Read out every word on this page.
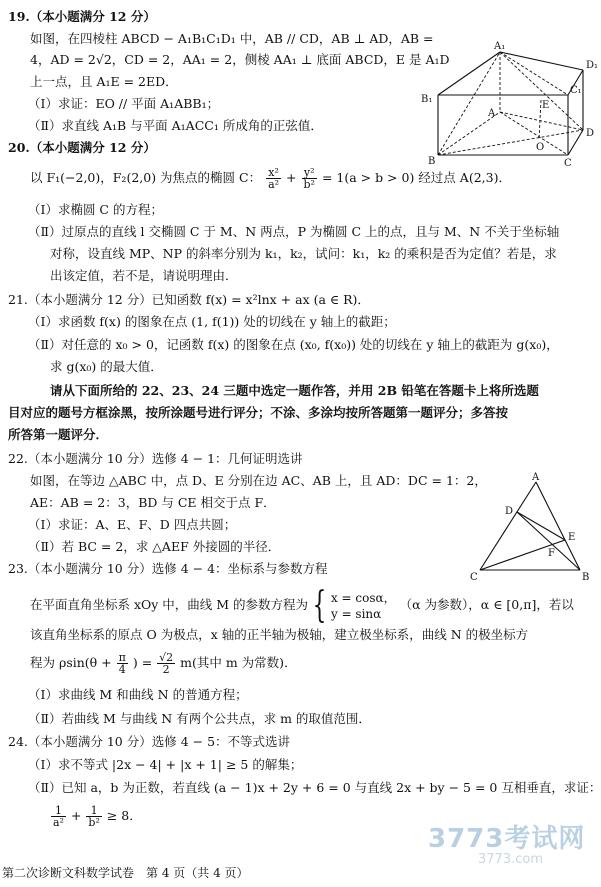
19.（本小题满分 12 分）
如图，在四棱柱 ABCD − A₁B₁C₁D₁ 中，AB // CD，AB ⊥ AD，AB =
4，AD = 2√2，CD = 2，AA₁ = 2，侧棱 AA₁ ⊥ 底面 ABCD，E 是 A₁D
上一点，且 A₁E = 2ED．
（Ⅰ）求证：EO // 平面 A₁ABB₁；
（Ⅱ）求直线 A₁B 与平面 A₁ACC₁ 所成角的正弦值．
A₁
B₁
C₁
D₁
A
B	C
D
E
O
20.（本小题满分 12 分）
以 F₁(−2,0)，F₂(2,0) 为焦点的椭圆 C： $\frac{\text{x²}}{\text{a²}} + \frac{\text{y²}}{\text{b²}} = 1(a > b > 0)$ 经过点 A(2,3)．
（Ⅰ）求椭圆 C 的方程；
（Ⅱ）过原点的直线 l 交椭圆 C 于 M、N 两点，P 为椭圆 C 上的点，且与 M、N 不关于坐标轴
对称，设直线 MP、NP 的斜率分别为 k₁，k₂，试问：k₁，k₂ 的乘积是否为定值？若是，求
出该定值，若不是，请说明理由．
21.（本小题满分 12 分）已知函数 f(x) = x²lnx + ax (a ∈ R)．
（Ⅰ）求函数 f(x) 的图象在点 (1, f(1)) 处的切线在 y 轴上的截距；
（Ⅱ）对任意的 x₀ > 0，记函数 f(x) 的图象在点 (x₀, f(x₀)) 处的切线在 y 轴上的截距为 g(x₀)，
求 g(x₀) 的最大值．
请从下面所给的 22、23、24 三题中选定一题作答，并用 2B 铅笔在答题卡上将所选题
目对应的题号方框涂黑，按所涂题号进行评分；不涂、多涂均按所答题第一题评分；多答按
所答第一题评分．
22.（本小题满分 10 分）选修 4 − 1：几何证明选讲
如图，在等边 △ABC 中，点 D、E 分别在边 AC、AB 上，且 AD：DC = 1：2，
AE：AB = 2：3，BD 与 CE 相交于点 F．
（Ⅰ）求证：A、E、F、D 四点共圆；
（Ⅱ）若 BC = 2，求 △AEF 外接圆的半径．
A
B
C
D
E
F
23.（本小题满分 10 分）选修 4 − 4：坐标系与参数方程
在平面直角坐标系 xOy 中，曲线 M 的参数方程为 { x = cosα，
y = sinα
（α 为参数），α ∈ [0,π]，若以
该直角坐标系的原点 O 为极点，x 轴的正半轴为极轴，建立极坐标系，曲线 N 的极坐标方
程为 $\rho\sin(\theta + \frac{\pi}{4}$ ) = $\frac{√2}{2} m$(其中 m 为常数)．
（Ⅰ）求曲线 M 和曲线 N 的普通方程；
（Ⅱ）若曲线 M 与曲线 N 有两个公共点，求 m 的取值范围．
24.（本小题满分 10 分）选修 4 − 5：不等式选讲
（Ⅰ）求不等式 |2x − 4| + |x + 1| ≥ 5 的解集；
（Ⅱ）已知 a，b 为正数，若直线 (a − 1)x + 2y + 6 = 0 与直线 2x + by − 5 = 0 互相垂直，求证：
$\frac{1}{\text{a²}} + \frac{1}{\text{b²}} \ge 8$．
第二次诊断文科数学试卷　第 4 页（共 4 页）
3773考试网
3773.com
